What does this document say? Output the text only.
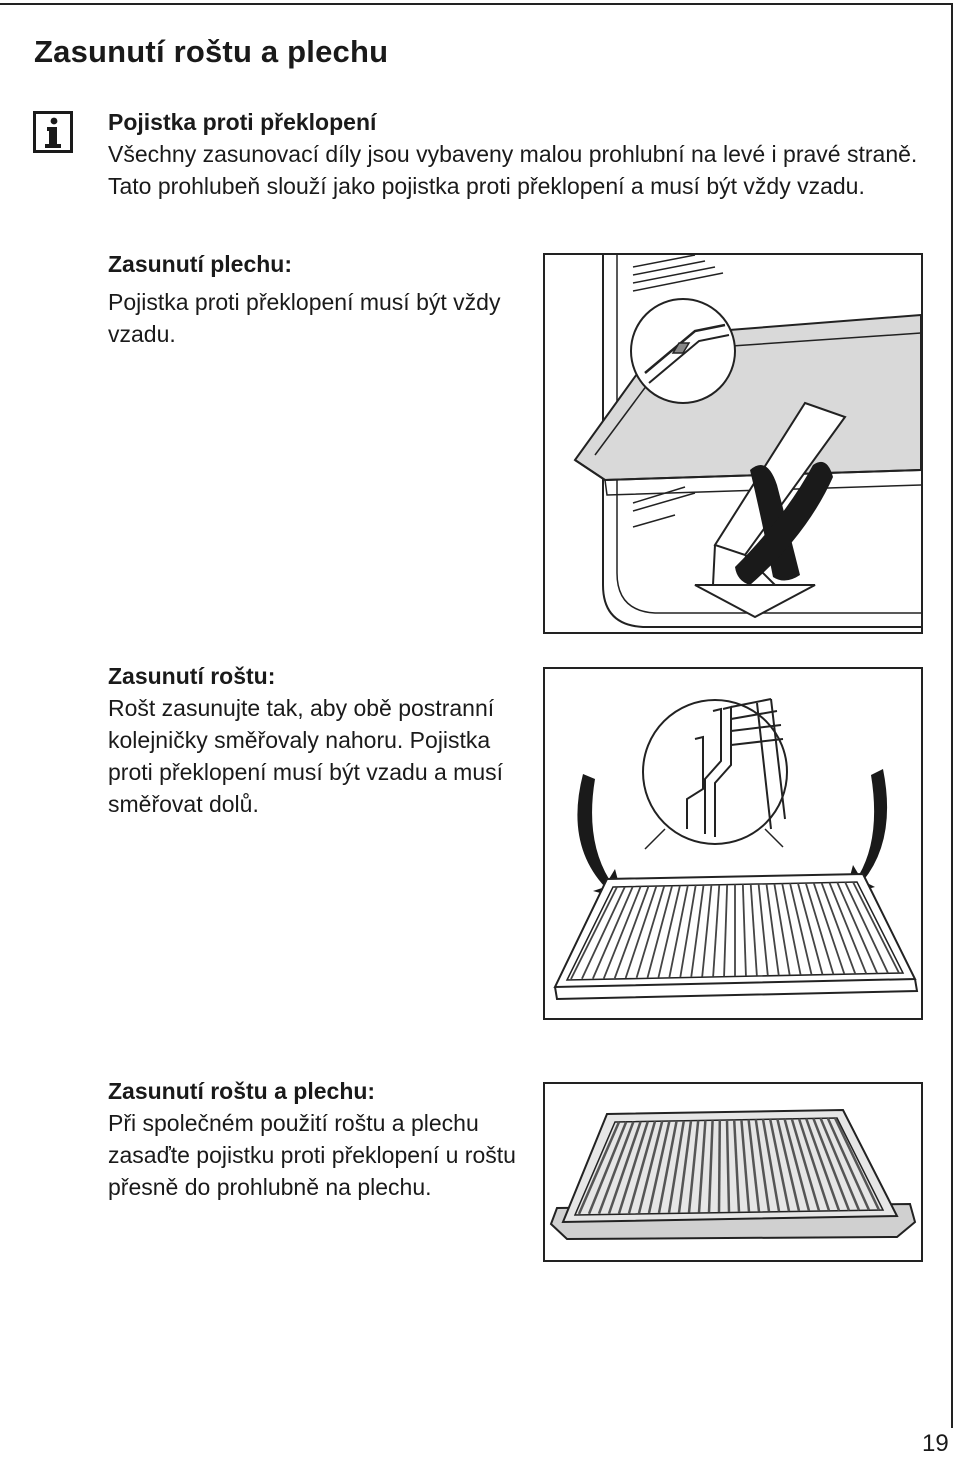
Zasunutí roštu a plechu
Pojistka proti překlopení
Všechny zasunovací díly jsou vybaveny malou prohlubní na levé i pravé straně. Tato prohlubeň slouží jako pojistka proti překlopení a musí být vždy vzadu.
Zasunutí plechu:
Pojistka proti překlopení musí být vždy vzadu.
Zasunutí roštu:
Rošt zasunujte tak, aby obě postranní kolejničky směřovaly nahoru. Pojistka proti překlopení musí být vzadu a musí směřovat dolů.
Zasunutí roštu a plechu:
Při společném použití roštu a plechu zasaďte pojistku proti překlopení u roštu přesně do prohlubně na plechu.
19
